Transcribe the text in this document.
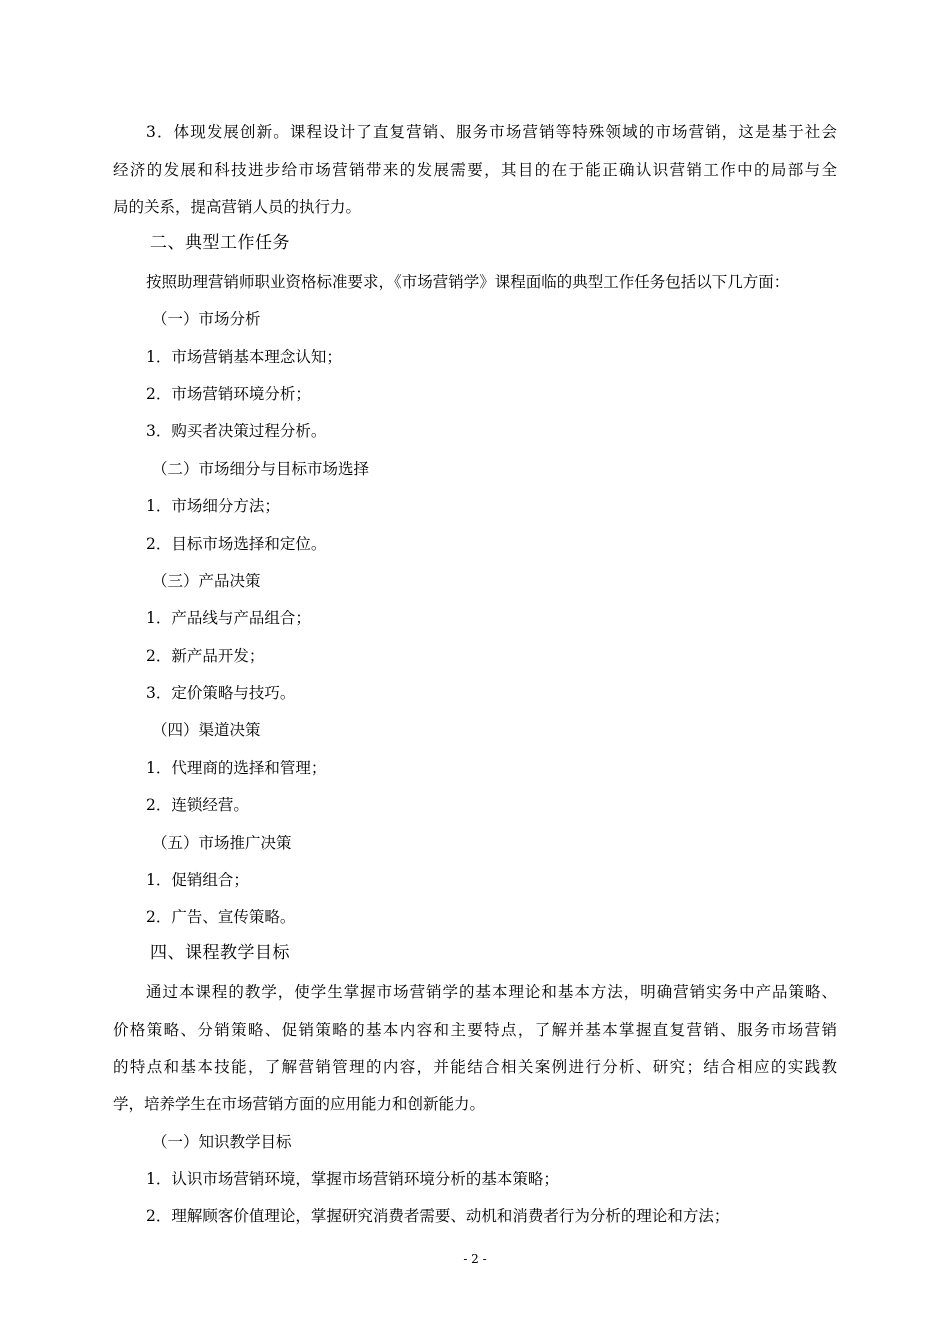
3．体现发展创新。课程设计了直复营销、服务市场营销等特殊领域的市场营销，这是基于社会
经济的发展和科技进步给市场营销带来的发展需要，其目的在于能正确认识营销工作中的局部与全
局的关系，提高营销人员的执行力。
二、典型工作任务
按照助理营销师职业资格标准要求，《市场营销学》课程面临的典型工作任务包括以下几方面：
（一）市场分析
1．市场营销基本理念认知；
2．市场营销环境分析；
3．购买者决策过程分析。
（二）市场细分与目标市场选择
1．市场细分方法；
2．目标市场选择和定位。
（三）产品决策
1．产品线与产品组合；
2．新产品开发；
3．定价策略与技巧。
（四）渠道决策
1．代理商的选择和管理；
2．连锁经营。
（五）市场推广决策
1．促销组合；
2．广告、宣传策略。
四、课程教学目标
通过本课程的教学，使学生掌握市场营销学的基本理论和基本方法，明确营销实务中产品策略、
价格策略、分销策略、促销策略的基本内容和主要特点，了解并基本掌握直复营销、服务市场营销
的特点和基本技能，了解营销管理的内容，并能结合相关案例进行分析、研究；结合相应的实践教
学，培养学生在市场营销方面的应用能力和创新能力。
（一）知识教学目标
1．认识市场营销环境，掌握市场营销环境分析的基本策略；
2．理解顾客价值理论，掌握研究消费者需要、动机和消费者行为分析的理论和方法；
- 2 -
